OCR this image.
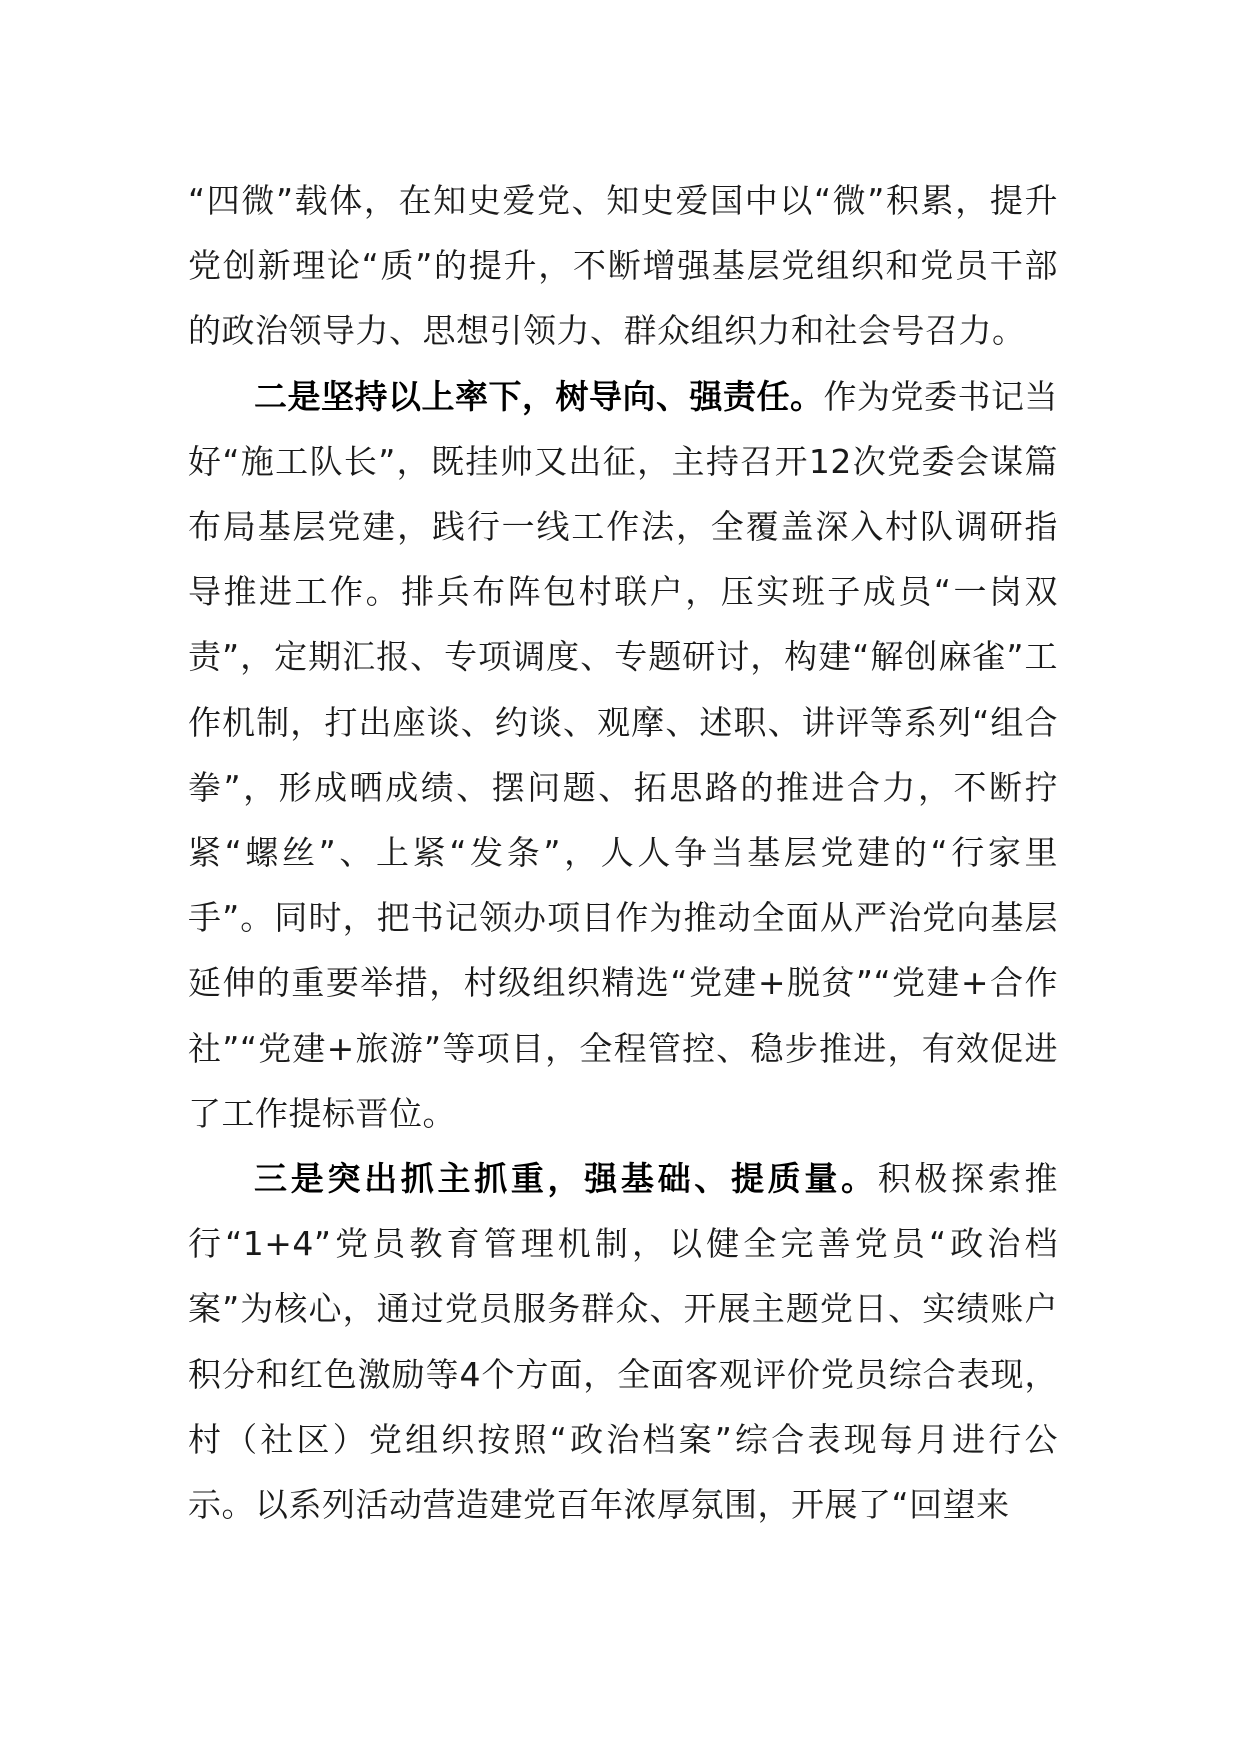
“四微”载体，在知史爱党、知史爱国中以“微”积累，提升党创新理论“质”的提升，不断增强基层党组织和党员干部的政治领导力、思想引领力、群众组织力和社会号召力。

二是坚持以上率下，树导向、强责任。作为党委书记当好“施工队长”，既挂帅又出征，主持召开12次党委会谋篇布局基层党建，践行一线工作法，全覆盖深入村队调研指导推进工作。排兵布阵包村联户，压实班子成员“一岗双责”，定期汇报、专项调度、专题研讨，构建“解创麻雀”工作机制，打出座谈、约谈、观摩、述职、讲评等系列“组合拳”，形成晒成绩、摆问题、拓思路的推进合力，不断拧紧“螺丝”、上紧“发条”，人人争当基层党建的“行家里手”。同时，把书记领办项目作为推动全面从严治党向基层延伸的重要举措，村级组织精选“党建+脱贫”“党建+合作社”“党建+旅游”等项目，全程管控、稳步推进，有效促进了工作提标晋位。

三是突出抓主抓重，强基础、提质量。积极探索推行“1+4”党员教育管理机制，以健全完善党员“政治档案”为核心，通过党员服务群众、开展主题党日、实绩账户积分和红色激励等4个方面，全面客观评价党员综合表现，村（社区）党组织按照“政治档案”综合表现每月进行公示。以系列活动营造建党百年浓厚氛围，开展了“回望来
